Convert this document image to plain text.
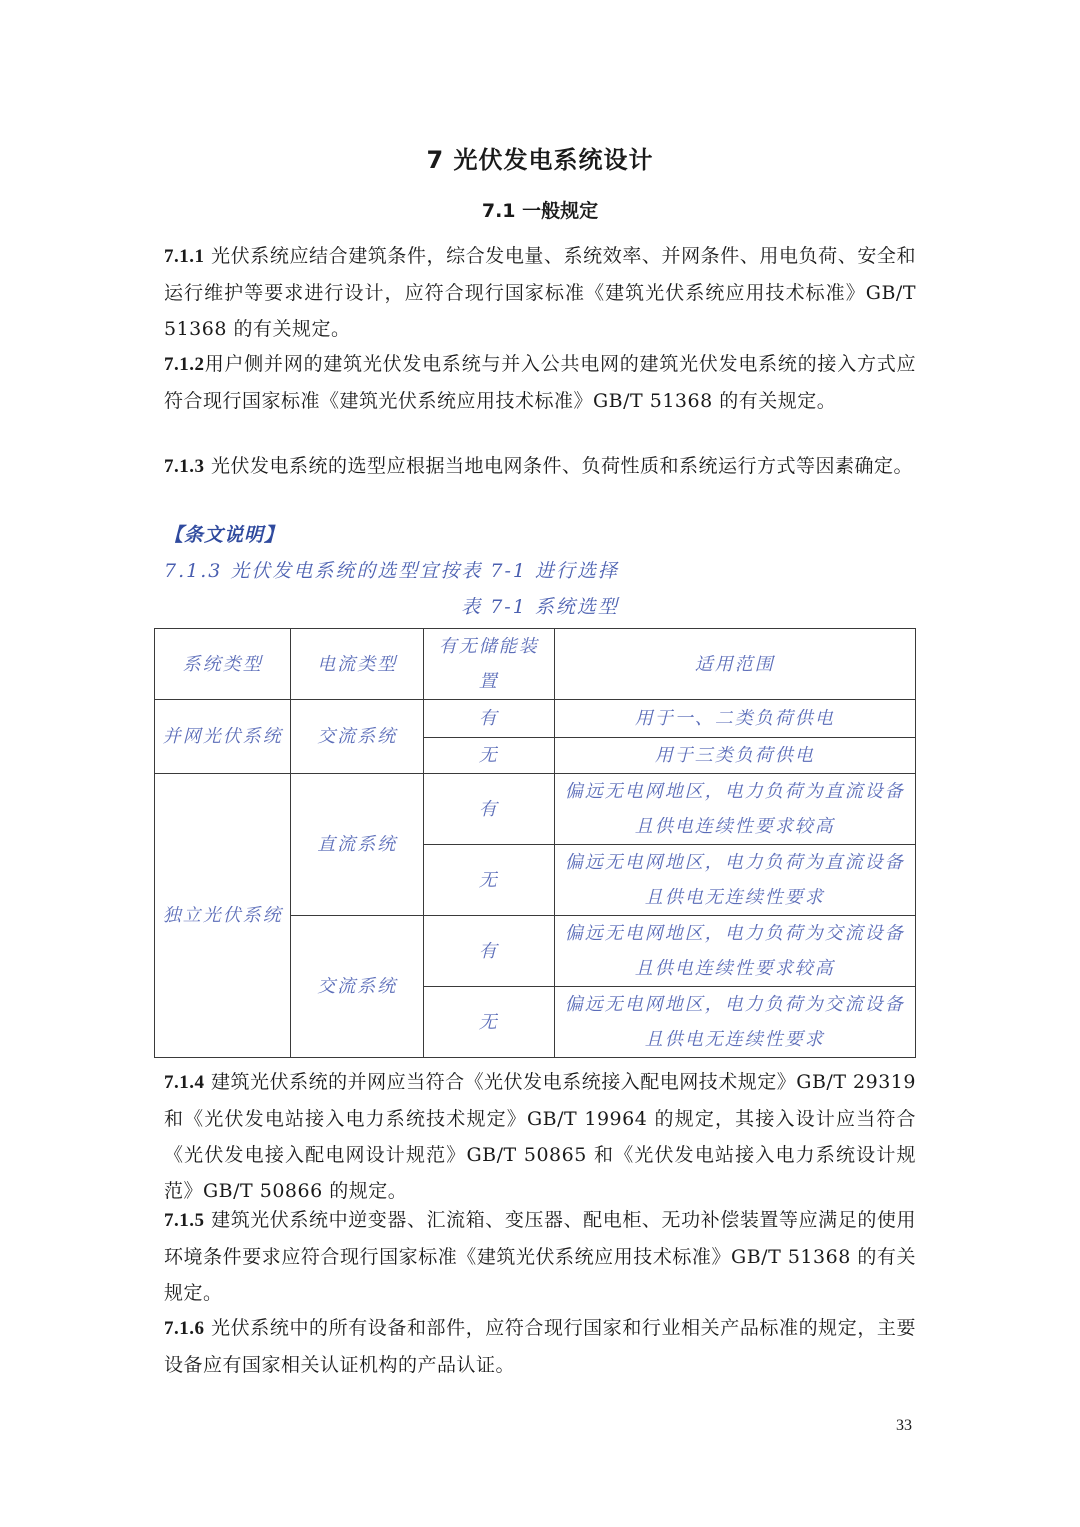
7 光伏发电系统设计
7.1 一般规定
7.1.1 光伏系统应结合建筑条件，综合发电量、系统效率、并网条件、用电负荷、安全和运行维护等要求进行设计，应符合现行国家标准《建筑光伏系统应用技术标准》GB/T 51368 的有关规定。
7.1.2用户侧并网的建筑光伏发电系统与并入公共电网的建筑光伏发电系统的接入方式应符合现行国家标准《建筑光伏系统应用技术标准》GB/T 51368 的有关规定。
7.1.3 光伏发电系统的选型应根据当地电网条件、负荷性质和系统运行方式等因素确定。
【条文说明】
7.1.3 光伏发电系统的选型宜按表 7-1 进行选择
表 7-1 系统选型
系统类型	电流类型	有无储能装置	适用范围
并网光伏系统	交流系统	有	用于一、二类负荷供电
		无	用于三类负荷供电
独立光伏系统	直流系统	有	偏远无电网地区，电力负荷为直流设备且供电连续性要求较高
		无	偏远无电网地区，电力负荷为直流设备且供电无连续性要求
	交流系统	有	偏远无电网地区，电力负荷为交流设备且供电连续性要求较高
		无	偏远无电网地区，电力负荷为交流设备且供电无连续性要求
7.1.4 建筑光伏系统的并网应当符合《光伏发电系统接入配电网技术规定》GB/T 29319 和《光伏发电站接入电力系统技术规定》GB/T 19964 的规定，其接入设计应当符合《光伏发电接入配电网设计规范》GB/T 50865 和《光伏发电站接入电力系统设计规范》GB/T 50866 的规定。
7.1.5 建筑光伏系统中逆变器、汇流箱、变压器、配电柜、无功补偿装置等应满足的使用环境条件要求应符合现行国家标准《建筑光伏系统应用技术标准》GB/T 51368 的有关规定。
7.1.6 光伏系统中的所有设备和部件，应符合现行国家和行业相关产品标准的规定，主要设备应有国家相关认证机构的产品认证。
33
